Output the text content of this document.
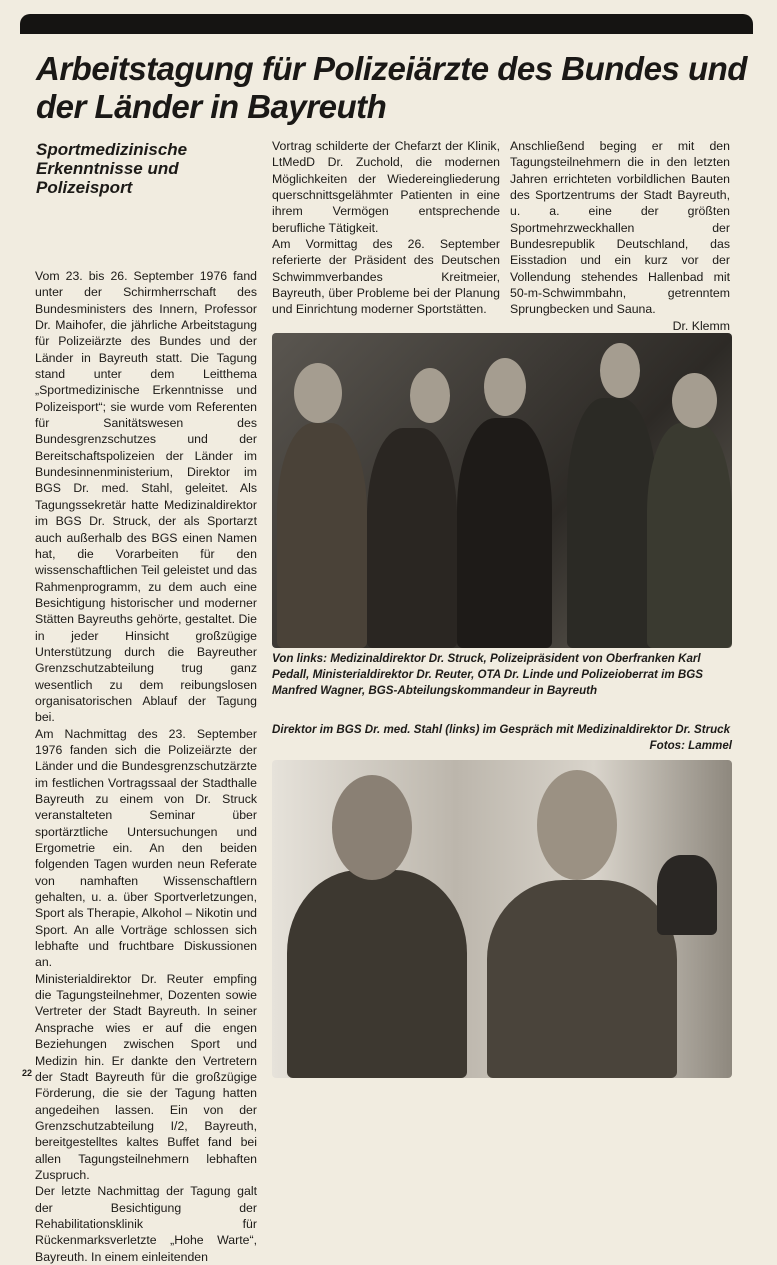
Arbeitstagung für Polizeiärzte des Bundes und der Länder in Bayreuth
Sportmedizinische Erkenntnisse und Polizeisport

Vom 23. bis 26. September 1976 fand unter der Schirmherrschaft des Bundesministers des Innern, Professor Dr. Maihofer, die jährliche Arbeitstagung für Polizeiärzte des Bundes und der Länder in Bayreuth statt. Die Tagung stand unter dem Leitthema „Sportmedizinische Erkenntnisse und Polizeisport“; sie wurde vom Referenten für Sanitätswesen des Bundesgrenzschutzes und der Bereitschaftspolizeien der Länder im Bundesinnenministerium, Direktor im BGS Dr. med. Stahl, geleitet. Als Tagungssekretär hatte Medizinaldirektor im BGS Dr. Struck, der als Sportarzt auch außerhalb des BGS einen Namen hat, die Vorarbeiten für den wissenschaftlichen Teil geleistet und das Rahmenprogramm, zu dem auch eine Besichtigung historischer und moderner Stätten Bayreuths gehörte, gestaltet. Die in jeder Hinsicht großzügige Unterstützung durch die Bayreuther Grenzschutzabteilung trug ganz wesentlich zu dem reibungslosen organisatorischen Ablauf der Tagung bei.

Am Nachmittag des 23. September 1976 fanden sich die Polizeiärzte der Länder und die Bundesgrenzschutzärzte im festlichen Vortragssaal der Stadthalle Bayreuth zu einem von Dr. Struck veranstalteten Seminar über sportärztliche Untersuchungen und Ergometrie ein. An den beiden folgenden Tagen wurden neun Referate von namhaften Wissenschaftlern gehalten, u. a. über Sportverletzungen, Sport als Therapie, Alkohol – Nikotin und Sport. An alle Vorträge schlossen sich lebhafte und fruchtbare Diskussionen an.

Ministerialdirektor Dr. Reuter empfing die Tagungsteilnehmer, Dozenten sowie Vertreter der Stadt Bayreuth. In seiner Ansprache wies er auf die engen Beziehungen zwischen Sport und Medizin hin. Er dankte den Vertretern der Stadt Bayreuth für die großzügige Förderung, die sie der Tagung hatten angedeihen lassen. Ein von der Grenzschutzabteilung I/2, Bayreuth, bereitgestelltes kaltes Buffet fand bei allen Tagungsteilnehmern lebhaften Zuspruch.

Der letzte Nachmittag der Tagung galt der Besichtigung der Rehabilitationsklinik für Rückenmarksverletzte „Hohe Warte“, Bayreuth. In einem einleitenden

Vortrag schilderte der Chefarzt der Klinik, LtMedD Dr. Zuchold, die modernen Möglichkeiten der Wiedereingliederung querschnittsgelähmter Patienten in eine ihrem Vermögen entsprechende berufliche Tätigkeit.

Am Vormittag des 26. September referierte der Präsident des Deutschen Schwimmverbandes Kreitmeier, Bayreuth, über Probleme bei der Planung und Einrichtung moderner Sportstätten.

Anschließend beging er mit den Tagungsteilnehmern die in den letzten Jahren errichteten vorbildlichen Bauten des Sportzentrums der Stadt Bayreuth, u. a. eine der größten Sportmehrzweckhallen der Bundesrepublik Deutschland, das Eisstadion und ein kurz vor der Vollendung stehendes Hallenbad mit 50-m-Schwimmbahn, getrenntem Sprungbecken und Sauna.

Dr. Klemm

Von links: Medizinaldirektor Dr. Struck, Polizeipräsident von Oberfranken Karl Pedall, Ministerialdirektor Dr. Reuter, OTA Dr. Linde und Polizeioberrat im BGS Manfred Wagner, BGS-Abteilungskommandeur in Bayreuth
Direktor im BGS Dr. med. Stahl (links) im Gespräch mit Medizinaldirektor Dr. Struck
Fotos: Lammel
22
